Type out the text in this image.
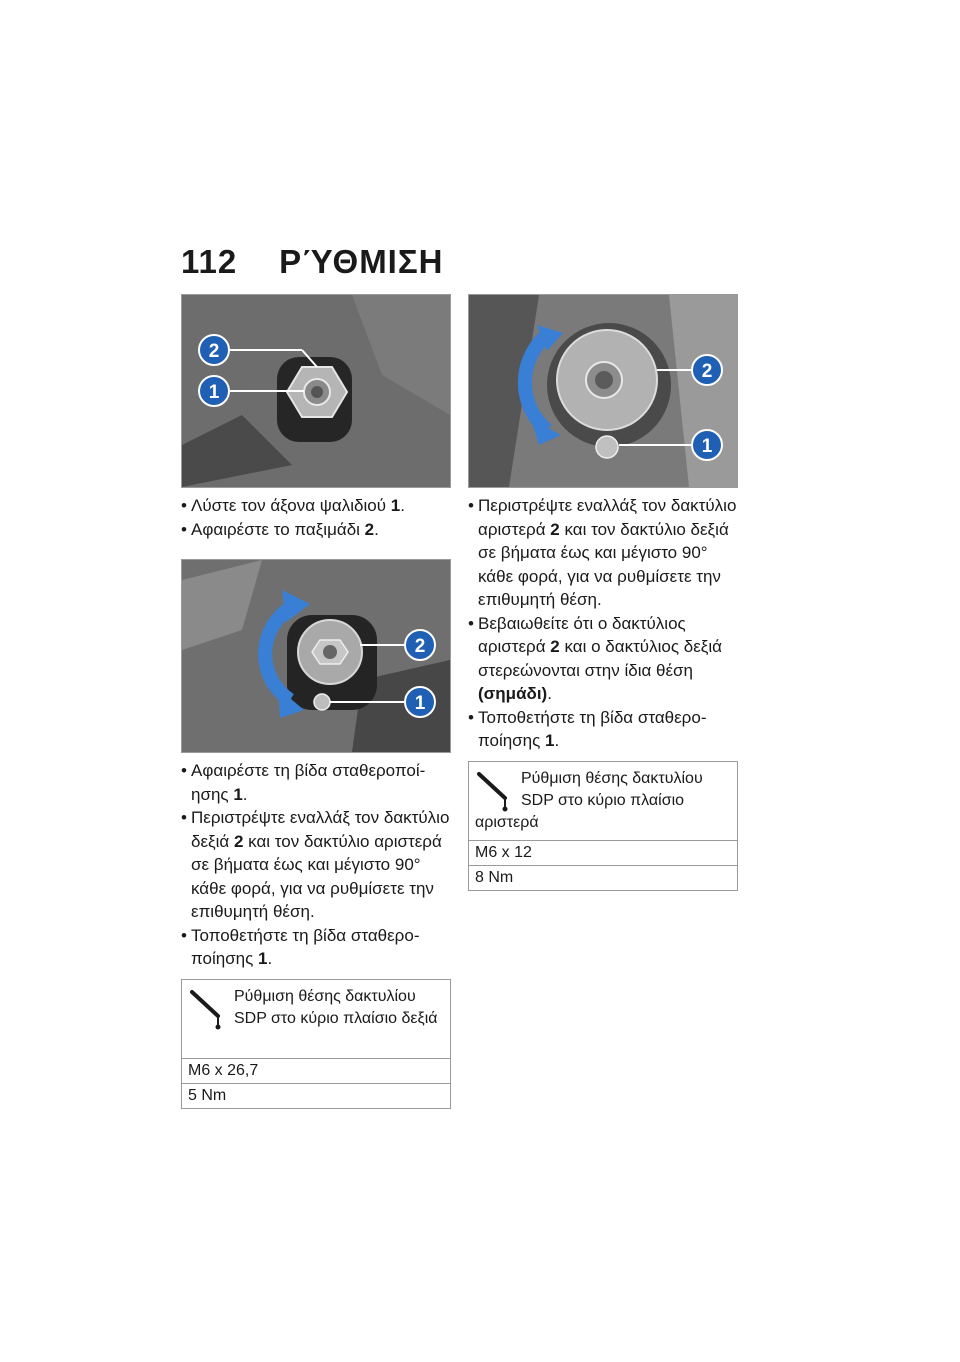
112 ΡΎΘΜΙΣΗ
2
1
• Λύστε τον άξονα ψαλιδιού 1.
• Αφαιρέστε το παξιμάδι 2.
2
1
• Αφαιρέστε τη βίδα σταθεροποίησης 1.
• Περιστρέψτε εναλλάξ τον δακτύλιο δεξιά 2 και τον δακτύλιο αριστερά σε βήματα έως και μέγιστο 90° κάθε φορά, για να ρυθμίσετε την επιθυμητή θέση.
• Τοποθετήστε τη βίδα σταθεροποίησης 1.
Ρύθμιση θέσης δακτυλίου SDP στο κύριο πλαίσιο δεξιά
M6 x 26,7
5 Nm
2
1
• Περιστρέψτε εναλλάξ τον δακτύλιο αριστερά 2 και τον δακτύλιο δεξιά σε βήματα έως και μέγιστο 90° κάθε φορά, για να ρυθμίσετε την επιθυμητή θέση.
• Βεβαιωθείτε ότι ο δακτύλιος αριστερά 2 και ο δακτύλιος δεξιά στερεώνονται στην ίδια θέση (σημάδι).
• Τοποθετήστε τη βίδα σταθεροποίησης 1.
Ρύθμιση θέσης δακτυλίου SDP στο κύριο πλαίσιο αριστερά
M6 x 12
8 Nm
